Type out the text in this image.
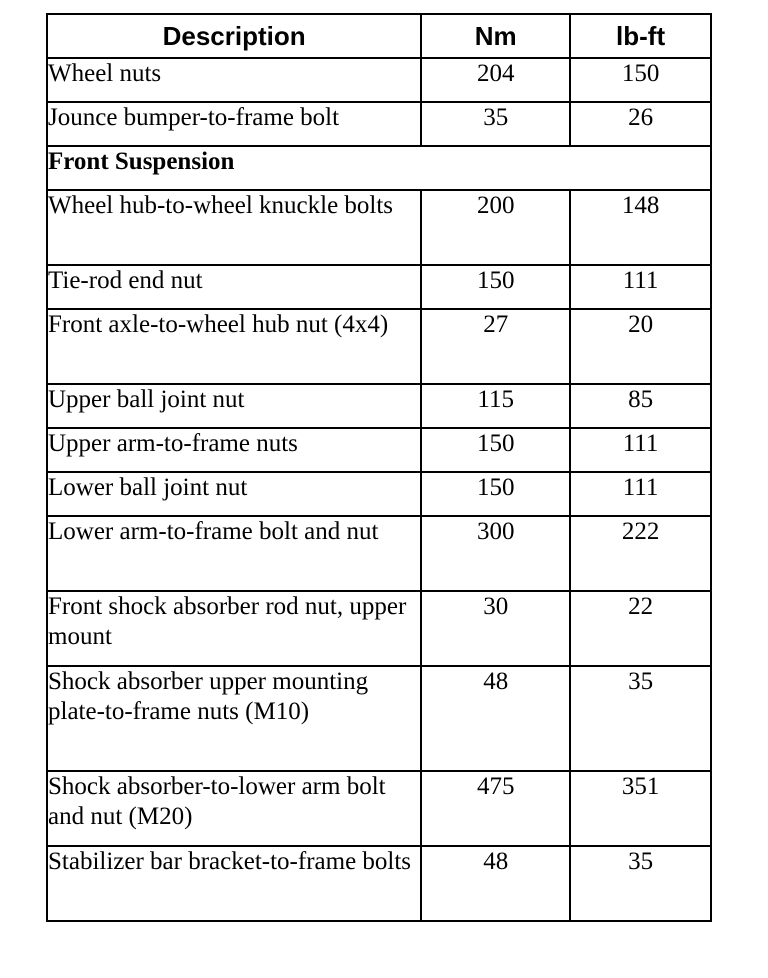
Description	Nm	lb-ft
Wheel nuts	204	150
Jounce bumper-to-frame bolt	35	26
Front Suspension		
Wheel hub-to-wheel knuckle bolts	200	148
Tie-rod end nut	150	111
Front axle-to-wheel hub nut (4x4)	27	20
Upper ball joint nut	115	85
Upper arm-to-frame nuts	150	111
Lower ball joint nut	150	111
Lower arm-to-frame bolt and nut	300	222
Front shock absorber rod nut, upper mount	30	22
Shock absorber upper mounting plate-to-frame nuts (M10)	48	35
Shock absorber-to-lower arm bolt and nut (M20)	475	351
Stabilizer bar bracket-to-frame bolts	48	35
